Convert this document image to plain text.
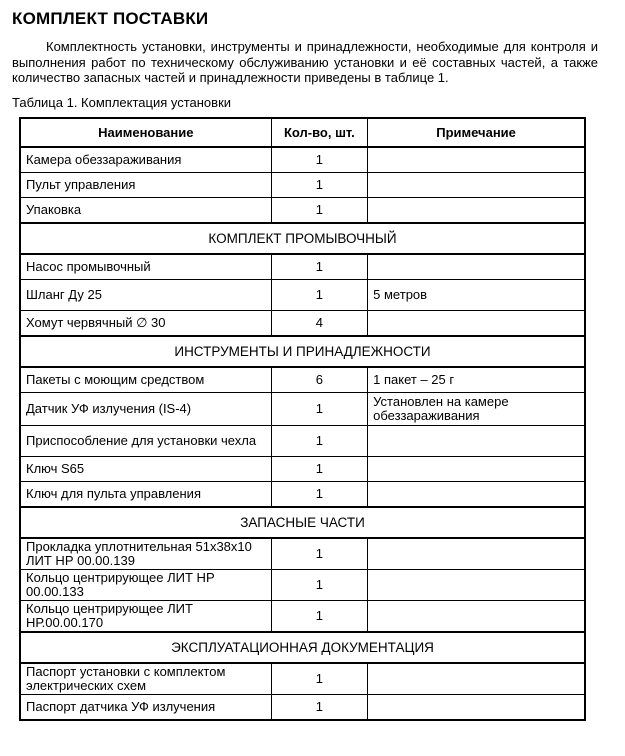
КОМПЛЕКТ ПОСТАВКИ
Комплектность установки, инструменты и принадлежности, необходимые для контроля и выполнения работ по техническому обслуживанию установки и её составных частей, а также количество запасных частей и принадлежности приведены в таблице 1.
Таблица 1. Комплектация установки
Наименование	Кол-во, шт.	Примечание
Камера обеззараживания	1	
Пульт управления	1	
Упаковка	1	
КОМПЛЕКТ ПРОМЫВОЧНЫЙ		
Насос промывочный	1	
Шланг Ду 25	1	5 метров
Хомут червячный ∅ 30	4	
ИНСТРУМЕНТЫ И ПРИНАДЛЕЖНОСТИ		
Пакеты с моющим средством	6	1 пакет – 25 г
Датчик УФ излучения (IS-4)	1	Установлен на камере обеззараживания
Приспособление для установки чехла	1	
Ключ S65	1	
Ключ для пульта управления	1	
ЗАПАСНЫЕ ЧАСТИ		
Прокладка уплотнительная 51х38х10 ЛИТ НР 00.00.139	1	
Кольцо центрирующее ЛИТ НР 00.00.133	1	
Кольцо центрирующее ЛИТ НР.00.00.170	1	
ЭКСПЛУАТАЦИОННАЯ ДОКУМЕНТАЦИЯ		
Паспорт установки с комплектом электрических схем	1	
Паспорт датчика УФ излучения	1	
